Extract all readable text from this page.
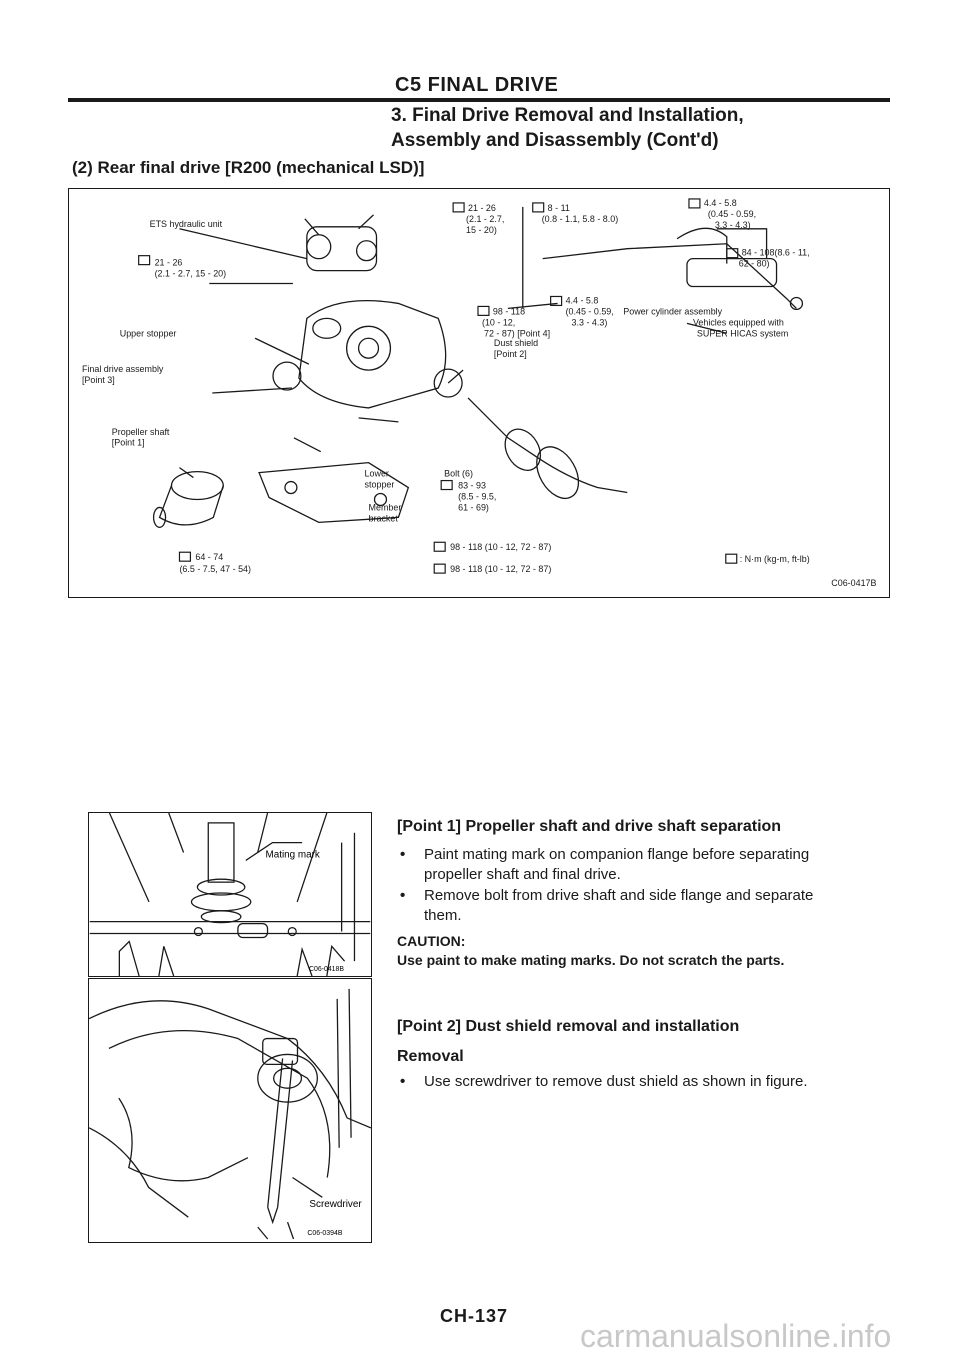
C5 FINAL DRIVE
3. Final Drive Removal and Installation,
Assembly and Disassembly (Cont'd)
(2) Rear final drive [R200 (mechanical LSD)]
ETS hydraulic unit
21 - 26
(2.1 - 2.7, 15 - 20)
21 - 26
(2.1 - 2.7,
15 - 20)
8 - 11
(0.8 - 1.1, 5.8 - 8.0)
4.4 - 5.8
(0.45 - 0.59,
3.3 - 4.3)
84 - 108(8.6 - 11,
62 - 80)
4.4 - 5.8
(0.45 - 0.59,
3.3 - 4.3)
Power cylinder assembly
98 - 118
(10 - 12,
72 - 87) [Point 4]
Vehicles equipped with
SUPER HICAS system
Upper stopper
Dust shield
[Point 2]
Final drive assembly
[Point 3]
Propeller shaft
[Point 1]
Lower
stopper
Bolt (6)
83 - 93
(8.5 - 9.5,
61 - 69)
Member
bracket
98 - 118 (10 - 12, 72 - 87)
98 - 118 (10 - 12, 72 - 87)
64 - 74
(6.5 - 7.5, 47 - 54)
: N·m (kg-m, ft-lb)
C06-0417B
Mating mark
C06-0418B
Screwdriver
C06-0394B
[Point 1] Propeller shaft and drive shaft separation
• Paint mating mark on companion flange before separating
propeller shaft and final drive.
• Remove bolt from drive shaft and side flange and separate
them.
CAUTION:
Use paint to make mating marks. Do not scratch the parts.
[Point 2] Dust shield removal and installation
Removal
• Use screwdriver to remove dust shield as shown in figure.
CH-137
carmanualsonline.info
